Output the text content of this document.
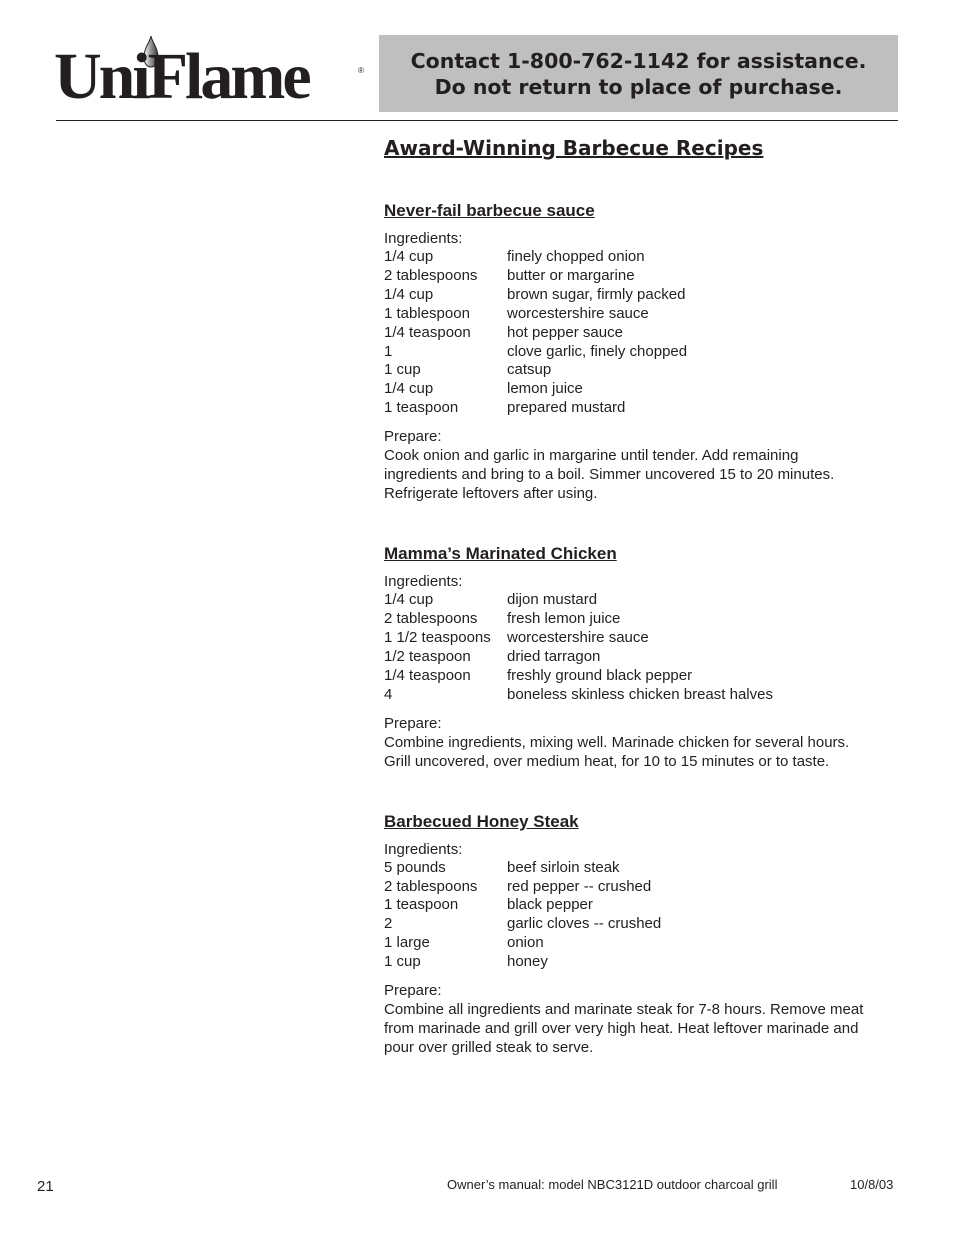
UniFlame	® Contact 1-800-762-1142 for assistance.
Do not return to place of purchase.
Award-Winning Barbecue Recipes
Never-fail barbecue sauce
Ingredients:
1/4 cup	finely chopped onion
2 tablespoons	butter or margarine
1/4 cup	brown sugar, firmly packed
1 tablespoon	worcestershire sauce
1/4 teaspoon	hot pepper sauce
1	clove garlic, finely chopped
1 cup	catsup
1/4 cup	lemon juice
1 teaspoon	prepared mustard
Prepare:
Cook onion and garlic in margarine until tender. Add remaining
ingredients and bring to a boil. Simmer uncovered 15 to 20 minutes.
Refrigerate leftovers after using.
Mamma’s Marinated Chicken
Ingredients:
1/4 cup	dijon mustard
2 tablespoons	fresh lemon juice
1 1/2 teaspoons	worcestershire sauce
1/2 teaspoon	dried tarragon
1/4 teaspoon	freshly ground black pepper
4	boneless skinless chicken breast halves
Prepare:
Combine ingredients, mixing well. Marinade chicken for several hours.
Grill uncovered, over medium heat, for 10 to 15 minutes or to taste.
Barbecued Honey Steak
Ingredients:
5 pounds	beef sirloin steak
2 tablespoons	red pepper -- crushed
1 teaspoon	black pepper
2	garlic cloves -- crushed
1 large	onion
1 cup	honey
Prepare:
Combine all ingredients and marinate steak for 7-8 hours. Remove meat
from marinade and grill over very high heat. Heat leftover marinade and
pour over grilled steak to serve.
21	Owner’s manual: model NBC3121D outdoor charcoal grill	10/8/03
